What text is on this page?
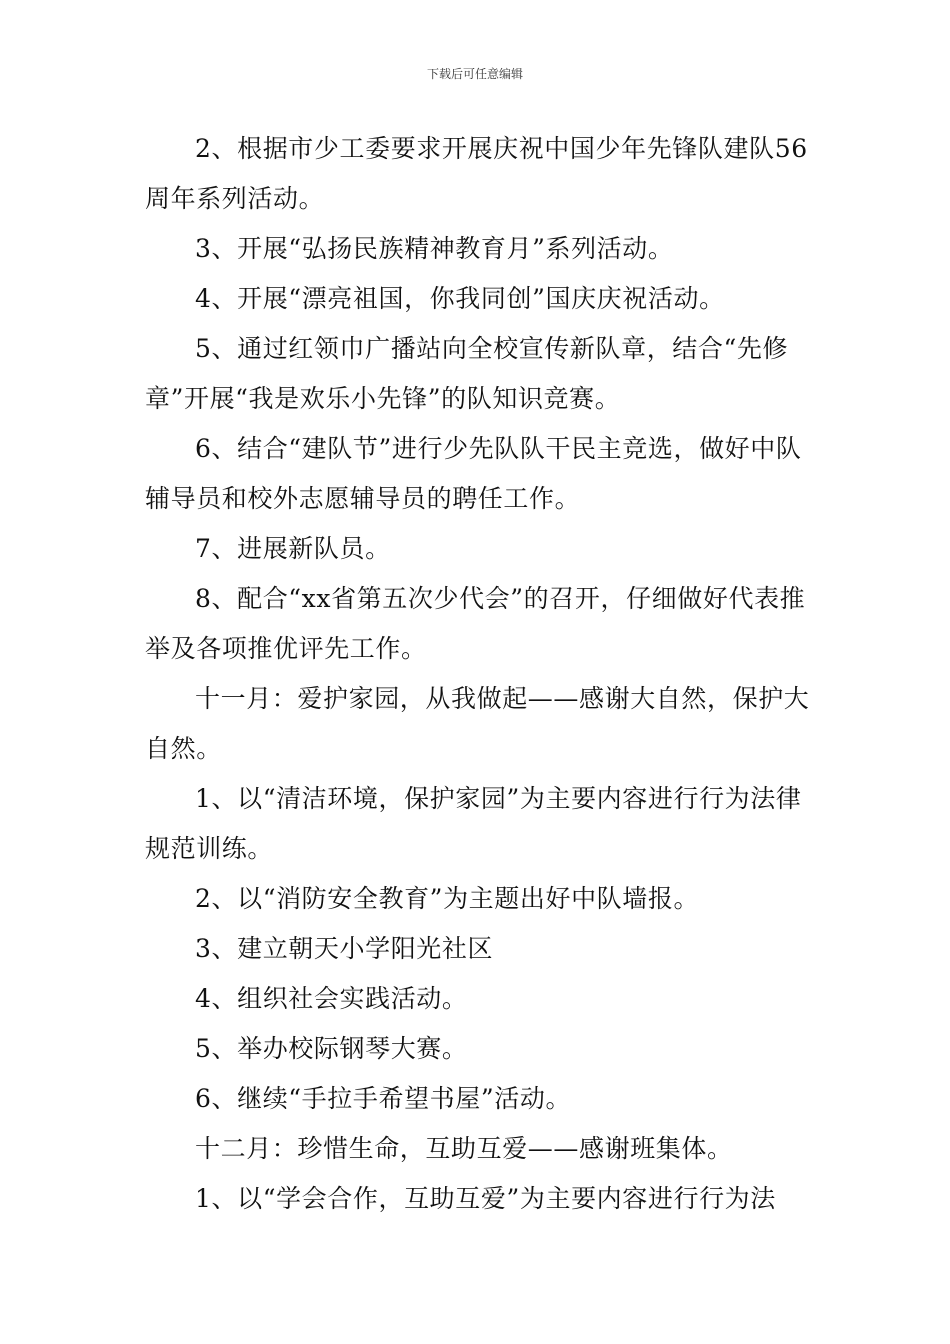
下载后可任意编辑

2、根据市少工委要求开展庆祝中国少年先锋队建队56周年系列活动。

3、开展“弘扬民族精神教育月”系列活动。

4、开展“漂亮祖国，你我同创”国庆庆祝活动。

5、通过红领巾广播站向全校宣传新队章，结合“先修章”开展“我是欢乐小先锋”的队知识竞赛。

6、结合“建队节”进行少先队队干民主竞选，做好中队辅导员和校外志愿辅导员的聘任工作。

7、进展新队员。

8、配合“xx省第五次少代会”的召开，仔细做好代表推举及各项推优评先工作。

十一月：爱护家园，从我做起——感谢大自然，保护大自然。

1、以“清洁环境，保护家园”为主要内容进行行为法律规范训练。

2、以“消防安全教育”为主题出好中队墙报。

3、建立朝天小学阳光社区

4、组织社会实践活动。

5、举办校际钢琴大赛。

6、继续“手拉手希望书屋”活动。

十二月：珍惜生命，互助互爱——感谢班集体。

1、以“学会合作，互助互爱”为主要内容进行行为法
